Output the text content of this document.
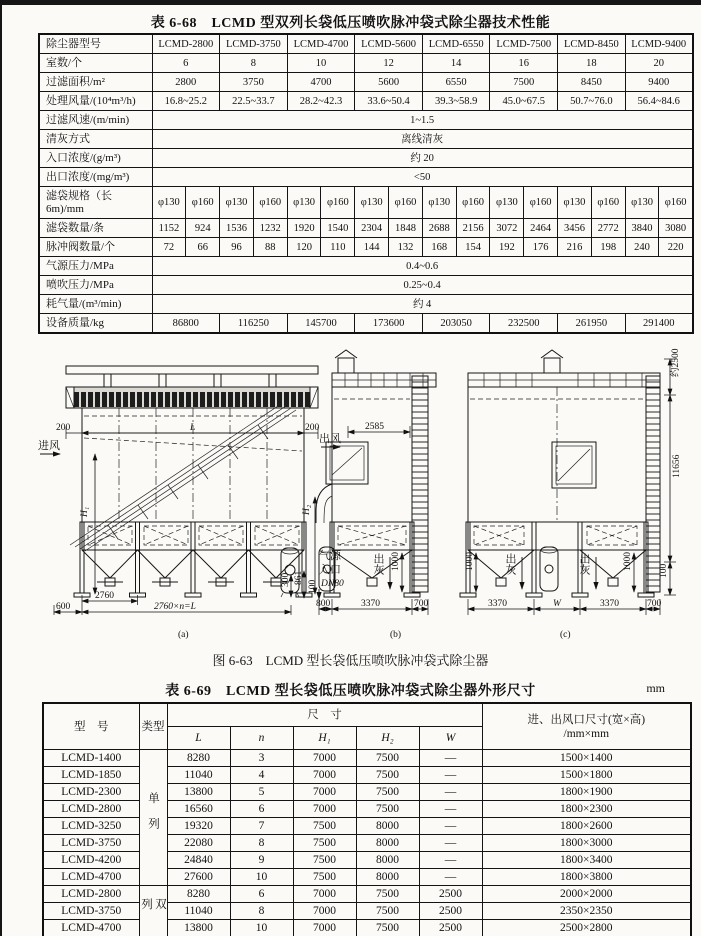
表 6-68　LCMD 型双列长袋低压喷吹脉冲袋式除尘器技术性能
除尘器型号	LCMD-2800		LCMD-3750		LCMD-4700		LCMD-5600		LCMD-6550		LCMD-7500		LCMD-8450		LCMD-9400	
室数/个	6		8		10		12		14		16		18		20	
过滤面积/m²	2800		3750		4700		5600		6550		7500		8450		9400	
处理风量/(10⁴m³/h)	16.8~25.2		22.5~33.7		28.2~42.3		33.6~50.4		39.3~58.9		45.0~67.5		50.7~76.0		56.4~84.6	
过滤风速/(m/min)	1~1.5															
清灰方式	离线清灰															
入口浓度/(g/m³)	约 20															
出口浓度/(mg/m³)	<50															
滤袋规格（长 6m)/mm	φ130	φ160	φ130	φ160	φ130	φ160	φ130	φ160	φ130	φ160	φ130	φ160	φ130	φ160	φ130	φ160
滤袋数量/条	1152	924	1536	1232	1920	1540	2304	1848	2688	2156	3072	2464	3456	2772	3840	3080
脉冲阀数量/个	72	66	96	88	120	110	144	132	168	154	192	176	216	198	240	220
气源压力/MPa	0.4~0.6															
喷吹压力/MPa	0.25~0.4															
耗气量/(m³/min)	约 4															
设备质量/kg	86800		116250		145700		173600		203050		232500		261950		291400	
200	L	200
进风
出风
H₁
2760
600	2760×n=L
300 861
H₂
气源
入口
DN80
(a)
2585
出灰 1000
100
800	3370	700
(b)
1000	出灰	出灰	1000
约2500
11656
100
3370	W	3370	700
(c)
图 6-63　LCMD 型长袋低压喷吹脉冲袋式除尘器
表 6-69　LCMD 型长袋低压喷吹脉冲袋式除尘器外形尺寸	mm
型　号	类型	尺　寸					进、出风口尺寸(宽×高)
/mm×mm

		L	n	H₁	H₂	W	
LCMD-1400	单列	8280	3	7000	7500	—	1500×1400
LCMD-1850		11040	4	7000	7500	—	1500×1800
LCMD-2300		13800	5	7000	7500	—	1800×1900
LCMD-2800		16560	6	7000	7500	—	1800×2300
LCMD-3250		19320	7	7500	8000	—	1800×2600
LCMD-3750		22080	8	7500	8000	—	1800×3000
LCMD-4200		24840	9	7500	8000	—	1800×3400
LCMD-4700		27600	10	7500	8000	—	1800×3800
LCMD-2800	双列	8280	6	7000	7500	2500	2000×2000
LCMD-3750		11040	8	7000	7500	2500	2350×2350
LCMD-4700		13800	10	7000	7500	2500	2500×2800
